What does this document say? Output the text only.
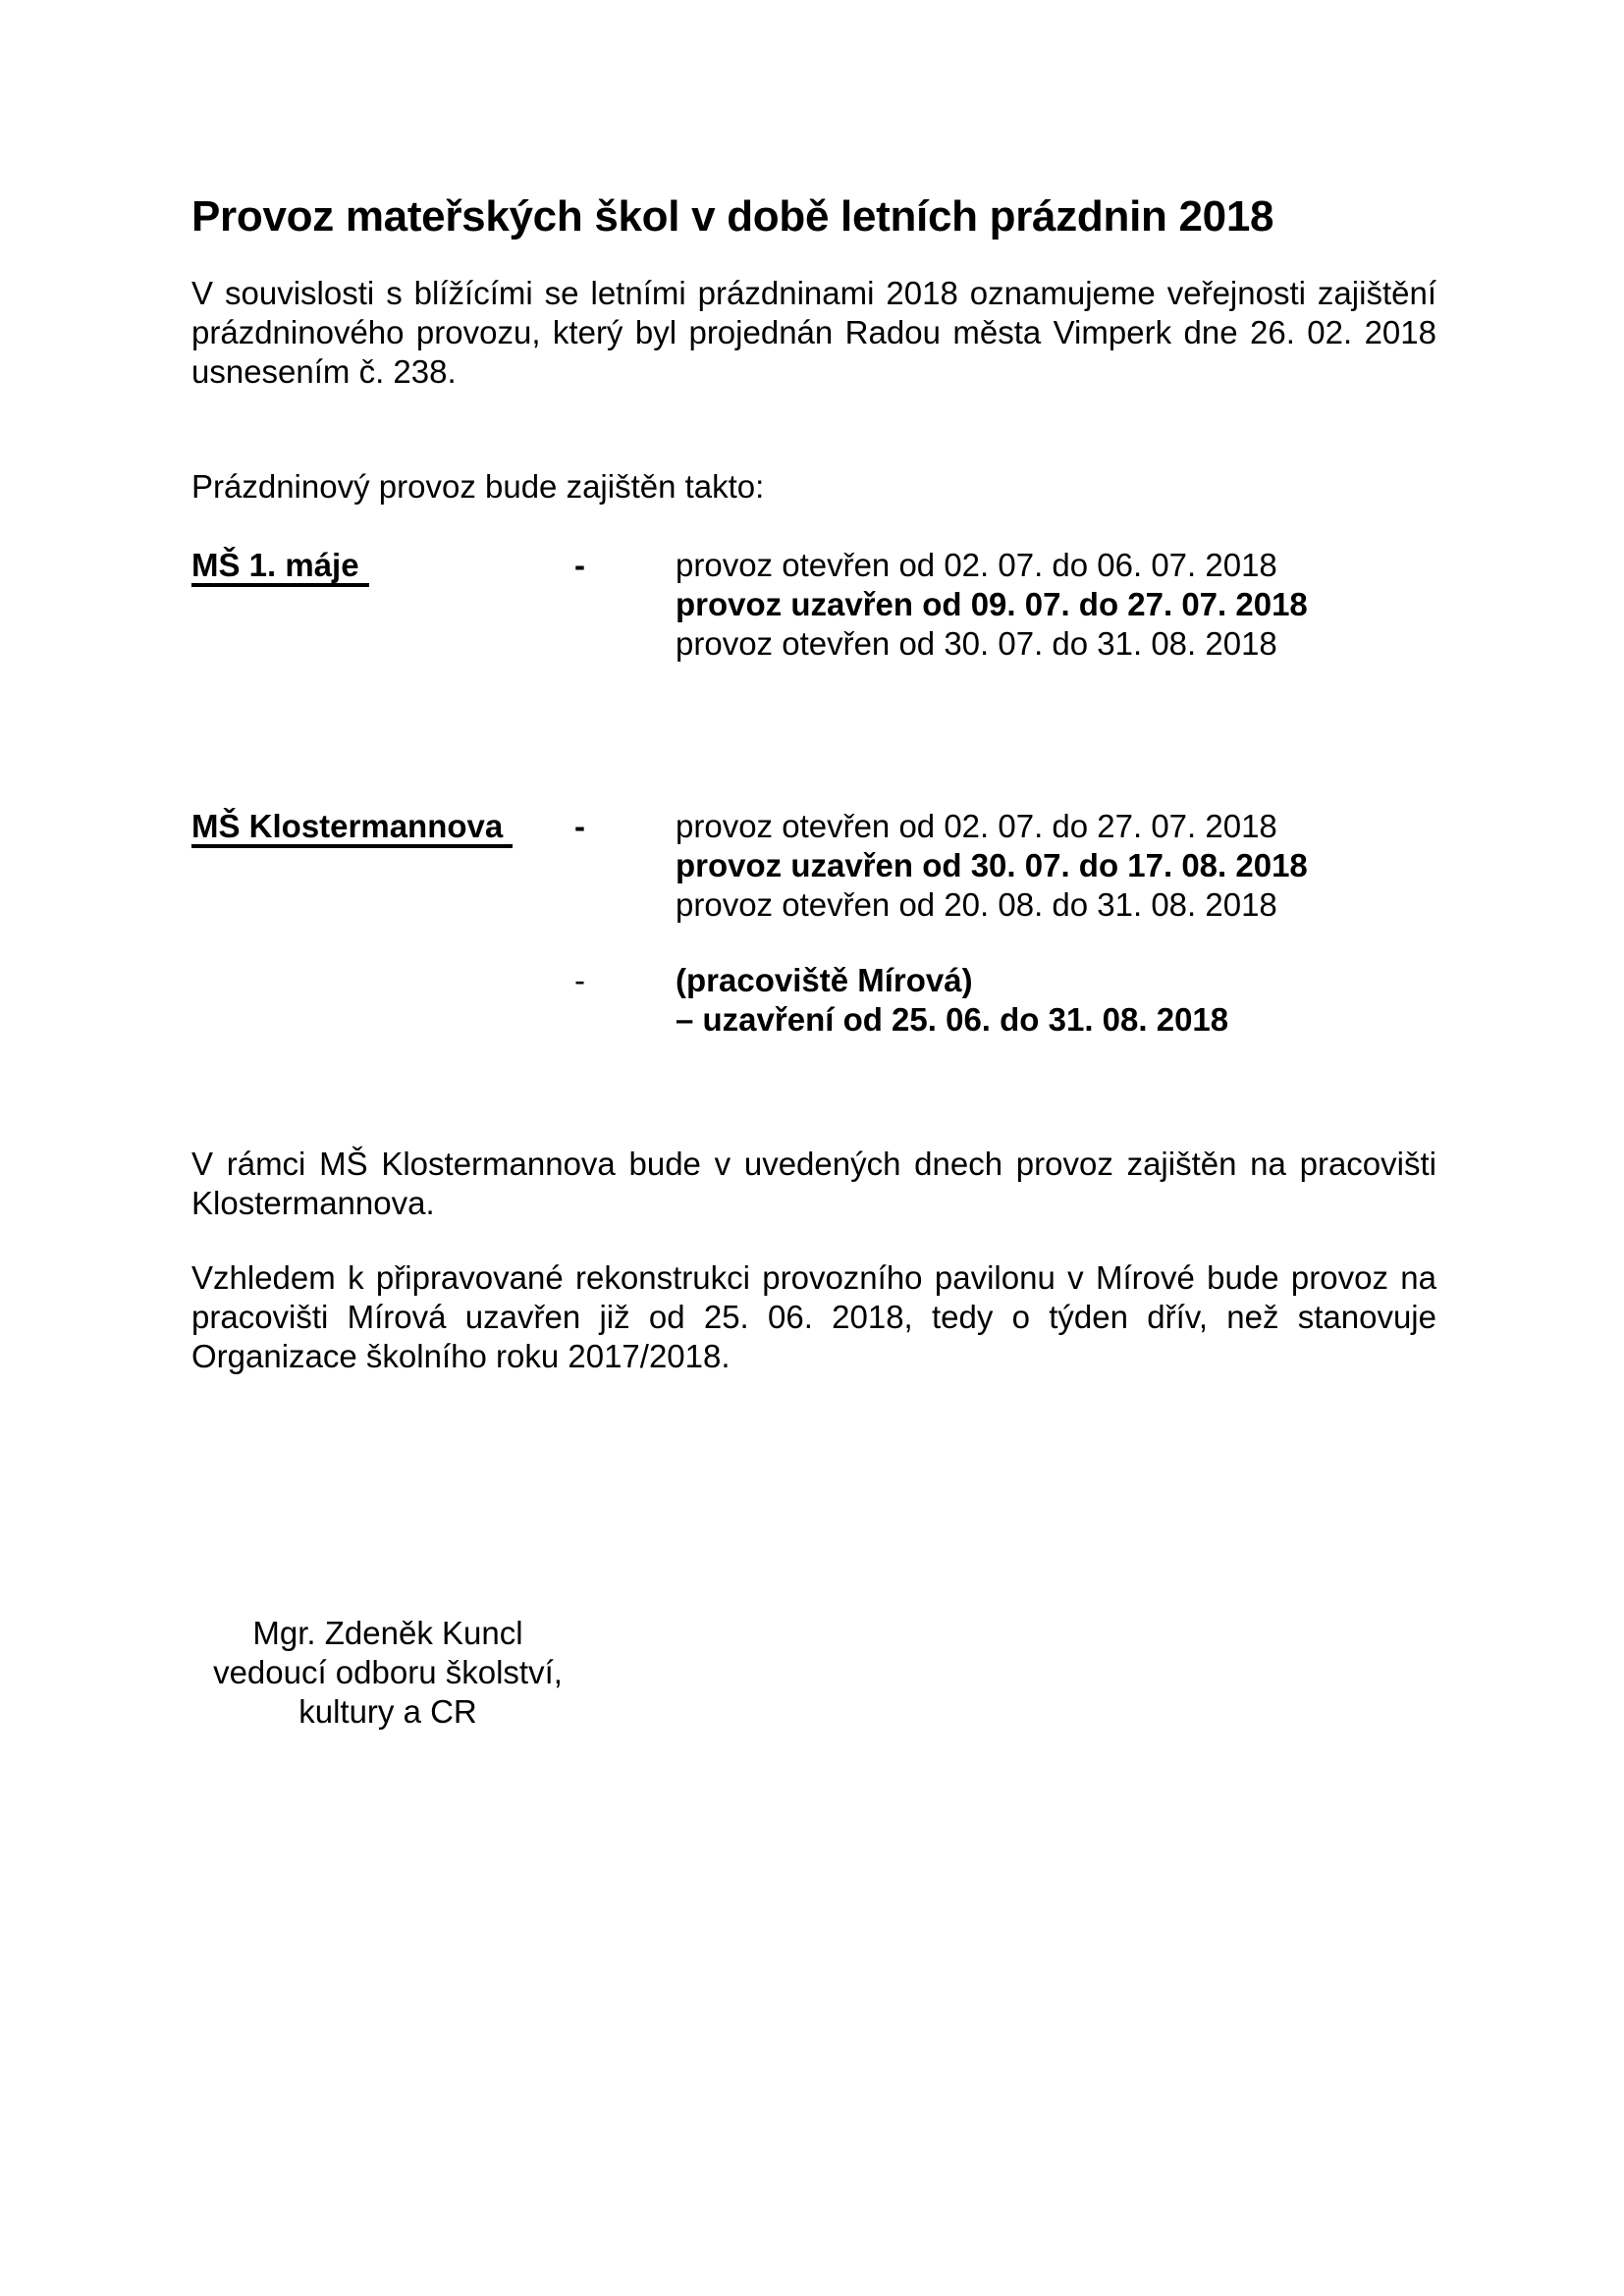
Provoz mateřských škol v době letních prázdnin 2018
V souvislosti s blížícími se letními prázdninami 2018 oznamujeme veřejnosti zajištění
prázdninového provozu, který byl projednán Radou města Vimperk dne 26. 02. 2018
usnesením č. 238.
Prázdninový provoz bude zajištěn takto:
MŠ 1. máje	-	provoz otevřen od 02. 07. do 06. 07. 2018
provoz uzavřen od 09. 07. do 27. 07. 2018
provoz otevřen od 30. 07. do 31. 08. 2018
MŠ Klostermannova	-	provoz otevřen od 02. 07. do 27. 07. 2018
provoz uzavřen od 30. 07. do 17. 08. 2018
provoz otevřen od 20. 08. do 31. 08. 2018
-	(pracoviště Mírová)
– uzavření od 25. 06. do 31. 08. 2018
V rámci MŠ Klostermannova bude v uvedených dnech provoz zajištěn na pracovišti
Klostermannova.
Vzhledem k připravované rekonstrukci provozního pavilonu v Mírové bude provoz na
pracovišti Mírová uzavřen již od 25. 06. 2018, tedy o týden dřív, než stanovuje
Organizace školního roku 2017/2018.
Mgr. Zdeněk Kuncl
vedoucí odboru školství,
kultury a CR
